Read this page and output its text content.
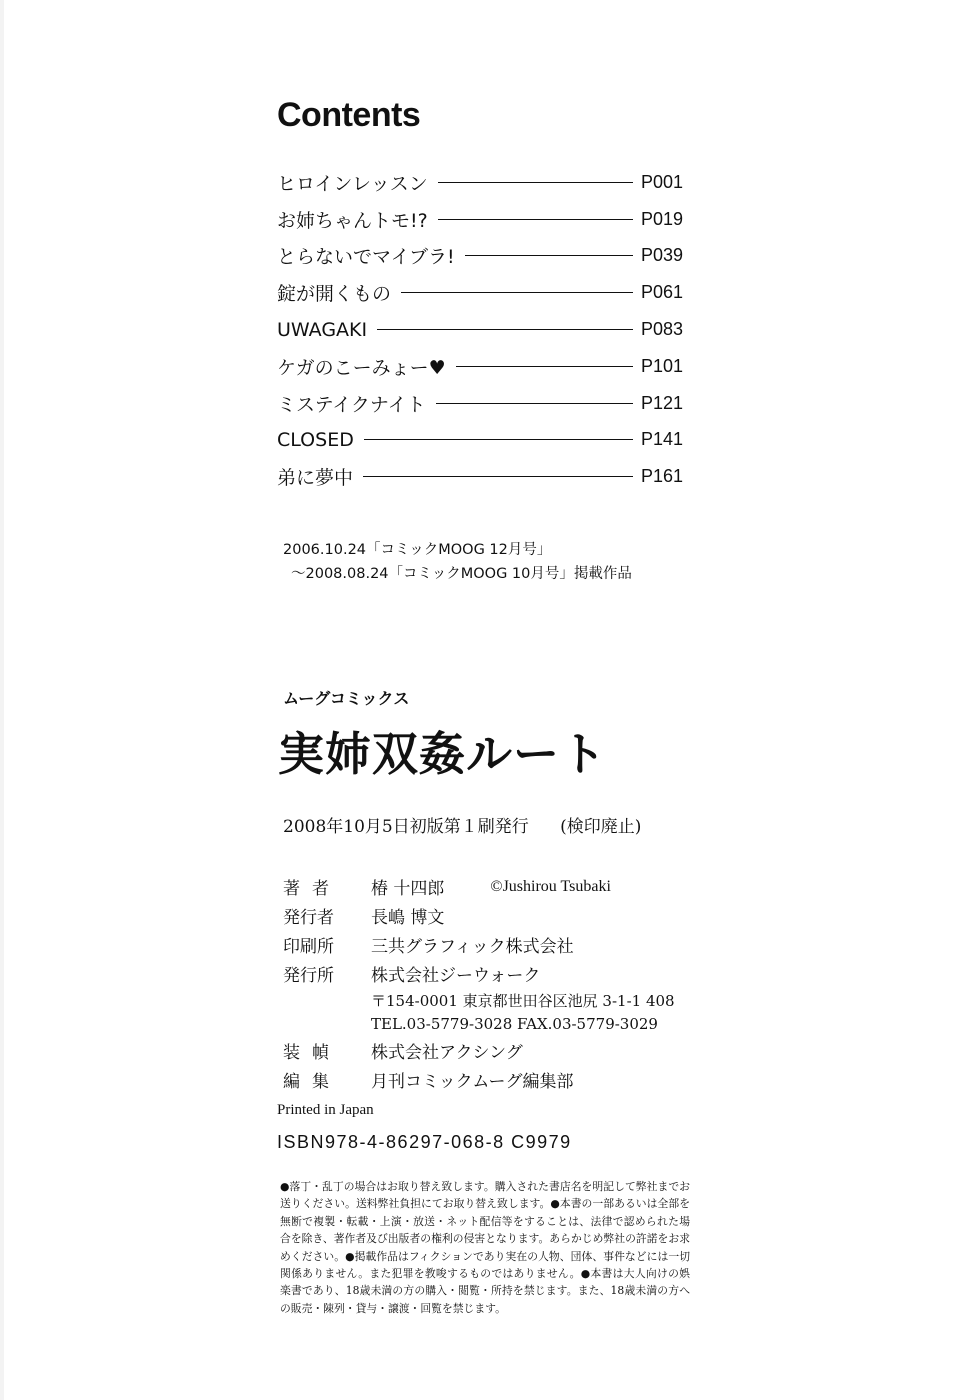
Contents
ヒロインレッスン	P001
お姉ちゃんトモ!?	P019
とらないでマイブラ!	P039
錠が開くもの	P061
UWAGAKI	P083
ケガのこーみょー♥	P101
ミステイクナイト	P121
CLOSED	P141
弟に夢中	P161
2006.10.24「コミックMOOG 12月号」
～2008.08.24「コミックMOOG 10月号」掲載作品
ムーグコミックス
実姉双姦ルート
2008年10月5日初版第１刷発行 (検印廃止)
著者	椿 十四郎	©Jushirou Tsubaki
発行者	長嶋 博文
印刷所	三共グラフィック株式会社
発行所	株式会社ジーウォーク
〒154-0001 東京都世田谷区池尻 3-1-1 408
TEL.03-5779-3028 FAX.03-5779-3029
装幀	株式会社アクシング
編集	月刊コミックムーグ編集部
Printed in Japan
ISBN978-4-86297-068-8 C9979
●落丁・乱丁の場合はお取り替え致します。購入された書店名を明記して弊社までお送りください。送料弊社負担にてお取り替え致します。●本書の一部あるいは全部を無断で複製・転載・上演・放送・ネット配信等をすることは、法律で認められた場合を除き、著作者及び出版者の権利の侵害となります。あらかじめ弊社の許諾をお求めください。●掲載作品はフィクションであり実在の人物、団体、事件などには一切関係ありません。また犯罪を教唆するものではありません。●本書は大人向けの娯楽書であり、18歳未満の方の購入・閲覧・所持を禁じます。また、18歳未満の方への販売・陳列・貸与・譲渡・回覧を禁じます。
